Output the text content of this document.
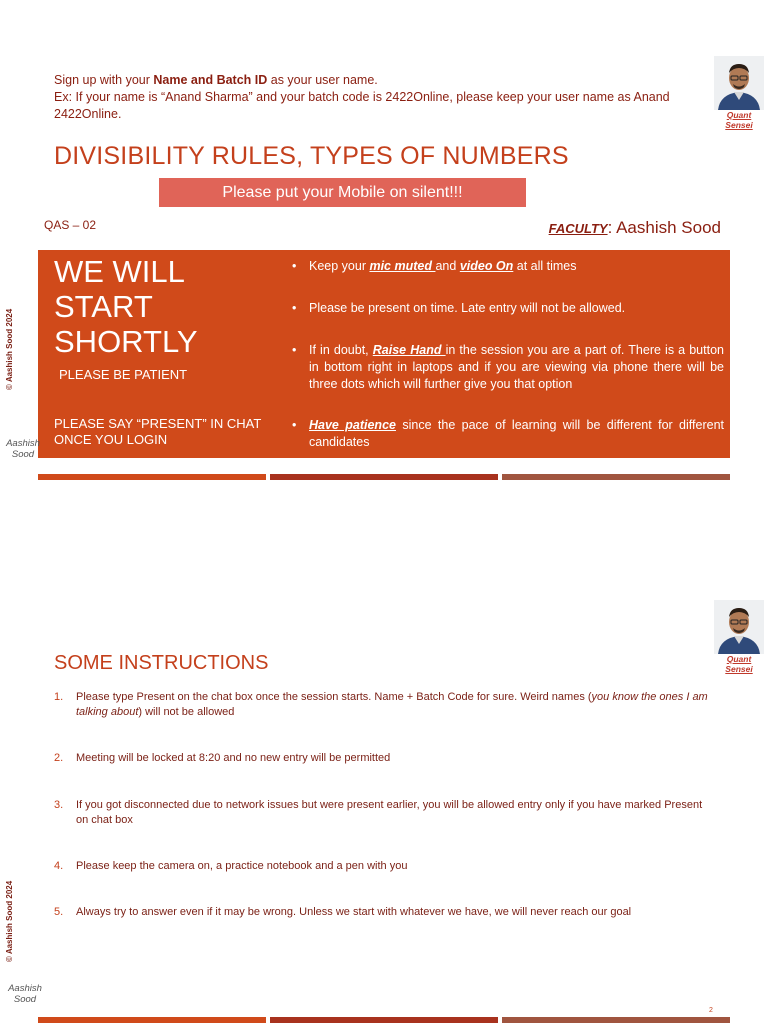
Sign up with your Name and Batch ID as your user name.
Ex: If your name is “Anand Sharma” and your batch code is 2422Online, please keep your user name as Anand 2422Online.	Quant
Sensei
DIVISIBILITY RULES, TYPES OF NUMBERS
Please put your Mobile on silent!!!
QAS – 02	FACULTY: Aashish Sood
WE WILL
START
SHORTLY
PLEASE BE PATIENT
PLEASE SAY “PRESENT” IN CHAT ONCE YOU LOGIN
• Keep your mic muted and video On at all times
• Please be present on time. Late entry will not be allowed.
• If in doubt, Raise Hand in the session you are a part of. There is a button in bottom right in laptops and if you are viewing via phone there will be three dots which will further give you that option
• Have patience since the pace of learning will be different for different candidates
© Aashish Sood 2024
Aashish
Sood
Quant
Sensei
SOME INSTRUCTIONS
1. Please type Present on the chat box once the session starts. Name + Batch Code for sure. Weird names (you know the ones I am talking about) will not be allowed
2. Meeting will be locked at 8:20 and no new entry will be permitted
3. If you got disconnected due to network issues but were present earlier, you will be allowed entry only if you have marked Present on chat box
4. Please keep the camera on, a practice notebook and a pen with you
5. Always try to answer even if it may be wrong. Unless we start with whatever we have, we will never reach our goal
© Aashish Sood 2024
Aashish
Sood
2
